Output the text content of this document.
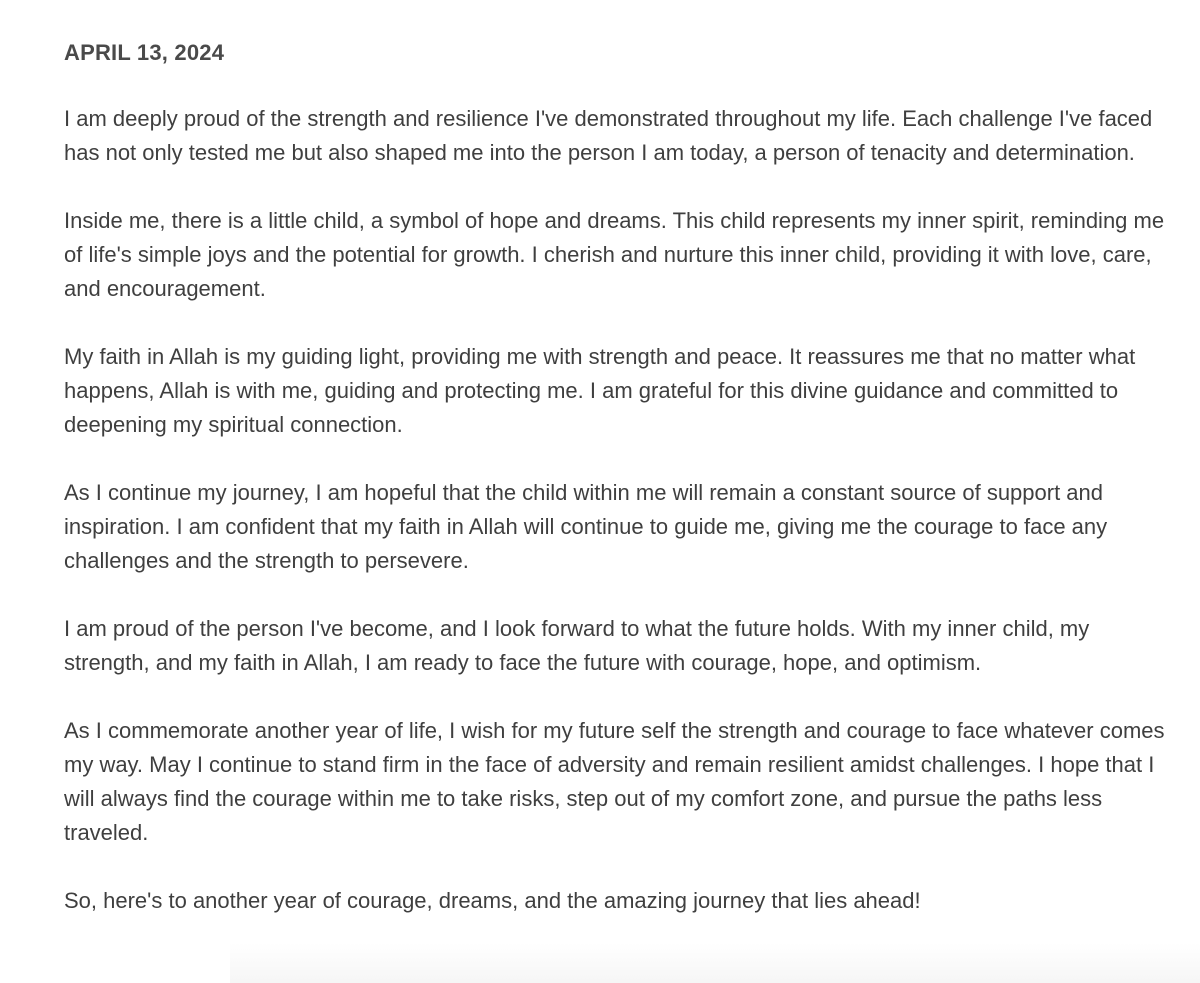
APRIL 13, 2024

I am deeply proud of the strength and resilience I've demonstrated throughout my life. Each challenge I've faced has not only tested me but also shaped me into the person I am today, a person of tenacity and determination.

Inside me, there is a little child, a symbol of hope and dreams. This child represents my inner spirit, reminding me of life's simple joys and the potential for growth. I cherish and nurture this inner child, providing it with love, care, and encouragement.

My faith in Allah is my guiding light, providing me with strength and peace. It reassures me that no matter what happens, Allah is with me, guiding and protecting me. I am grateful for this divine guidance and committed to deepening my spiritual connection.

As I continue my journey, I am hopeful that the child within me will remain a constant source of support and inspiration. I am confident that my faith in Allah will continue to guide me, giving me the courage to face any challenges and the strength to persevere.

I am proud of the person I've become, and I look forward to what the future holds. With my inner child, my strength, and my faith in Allah, I am ready to face the future with courage, hope, and optimism.

As I commemorate another year of life, I wish for my future self the strength and courage to face whatever comes my way. May I continue to stand firm in the face of adversity and remain resilient amidst challenges. I hope that I will always find the courage within me to take risks, step out of my comfort zone, and pursue the paths less traveled.

So, here's to another year of courage, dreams, and the amazing journey that lies ahead!
